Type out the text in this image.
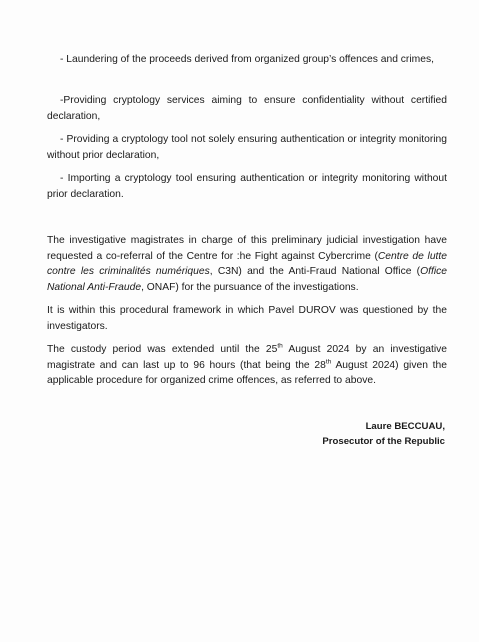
- Laundering of the proceeds derived from organized group’s offences and crimes,

-Providing cryptology services aiming to ensure confidentiality without certified declaration,

- Providing a cryptology tool not solely ensuring authentication or integrity monitoring without prior declaration,

- Importing a cryptology tool ensuring authentication or integrity monitoring without prior declaration.

The investigative magistrates in charge of this preliminary judicial investigation have requested a co-referral of the Centre for :he Fight against Cybercrime (Centre de lutte contre les criminalités numériques, C3N) and the Anti-Fraud National Office (Office National Anti-Fraude, ONAF) for the pursuance of the investigations.

It is within this procedural framework in which Pavel DUROV was questioned by the investigators.

The custody period was extended until the 25th August 2024 by an investigative magistrate and can last up to 96 hours (that being the 28th August 2024) given the applicable procedure for organized crime offences, as referred to above.

Laure BECCUAU,
Prosecutor of the Republic
